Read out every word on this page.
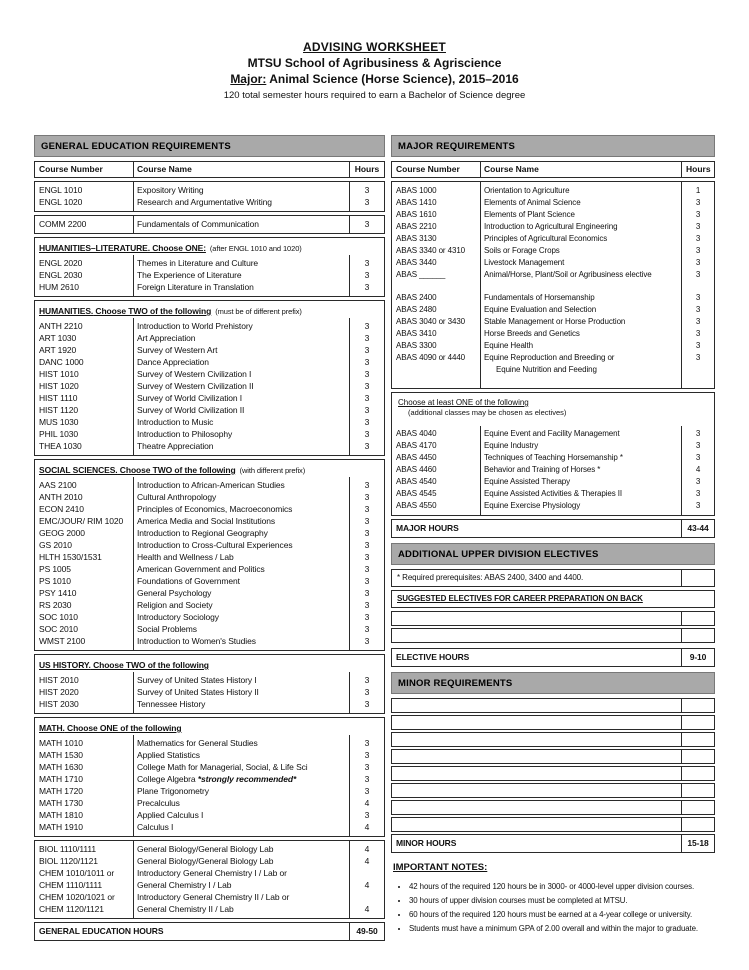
ADVISING WORKSHEET
MTSU School of Agribusiness & Agriscience
Major: Animal Science (Horse Science), 2015–2016
120 total semester hours required to earn a Bachelor of Science degree
GENERAL EDUCATION REQUIREMENTS
Course Number	Course Name	Hours
ENGL 1010	Expository Writing	3
ENGL 1020	Research and Argumentative Writing	3
COMM 2200	Fundamentals of Communication	3
HUMANITIES–LITERATURE. Choose ONE:  (after ENGL 1010 and 1020)
ENGL 2020	Themes in Literature and Culture	3
ENGL 2030	The Experience of Literature	3
HUM 2610	Foreign Literature in Translation	3
HUMANITIES. Choose TWO of the following  (must be of different prefix)
ANTH 2210	Introduction to World Prehistory	3
ART 1030	Art Appreciation	3
ART 1920	Survey of Western Art	3
DANC 1000	Dance Appreciation	3
HIST 1010	Survey of Western Civilization I	3
HIST 1020	Survey of Western Civilization II	3
HIST 1110	Survey of World Civilization I	3
HIST 1120	Survey of World Civilization II	3
MUS 1030	Introduction to Music	3
PHIL 1030	Introduction to Philosophy	3
THEA 1030	Theatre Appreciation	3
SOCIAL SCIENCES. Choose TWO of the following  (with different prefix)
AAS 2100	Introduction to African-American Studies	3
ANTH 2010	Cultural Anthropology	3
ECON 2410	Principles of Economics, Macroeconomics	3
EMC/JOUR/ RIM 1020	America Media and Social Institutions	3
GEOG 2000	Introduction to Regional Geography	3
GS 2010	Introduction to Cross-Cultural Experiences	3
HLTH 1530/1531	Health and Wellness / Lab	3
PS 1005	American Government and Politics	3
PS 1010	Foundations of Government	3
PSY 1410	General Psychology	3
RS 2030	Religion and Society	3
SOC 1010	Introductory Sociology	3
SOC 2010	Social Problems	3
WMST 2100	Introduction to Women's Studies	3
US HISTORY. Choose TWO of the following
HIST 2010	Survey of United States History I	3
HIST 2020	Survey of United States History II	3
HIST 2030	Tennessee History	3
MATH. Choose ONE of the following
MATH 1010	Mathematics for General Studies	3
MATH 1530	Applied Statistics	3
MATH 1630	College Math for Managerial, Social, & Life Sci	3
MATH 1710	College Algebra *strongly recommended*	3
MATH 1720	Plane Trigonometry	3
MATH 1730	Precalculus	4
MATH 1810	Applied Calculus I	3
MATH 1910	Calculus I	4
BIOL 1110/1111	General Biology/General Biology Lab	4
BIOL 1120/1121	General Biology/General Biology Lab	4
CHEM 1010/1011 or	Introductory General Chemistry I / Lab or
CHEM 1110/1111	General Chemistry I / Lab	4
CHEM 1020/1021 or	Introductory General Chemistry II / Lab or
CHEM 1120/1121	General Chemistry II / Lab	4
GENERAL EDUCATION HOURS	49-50
MAJOR REQUIREMENTS
Course Number	Course Name	Hours
ABAS 1000	Orientation to Agriculture	1
ABAS 1410	Elements of Animal Science	3
ABAS 1610	Elements of Plant Science	3
ABAS 2210	Introduction to Agricultural Engineering	3
ABAS 3130	Principles of Agricultural Economics	3
ABAS 3340 or 4310	Soils or Forage Crops	3
ABAS 3440	Livestock Management	3
ABAS ______	Animal/Horse, Plant/Soil or Agribusiness elective	3
ABAS 2400	Fundamentals of Horsemanship	3
ABAS 2480	Equine Evaluation and Selection	3
ABAS 3040 or 3430	Stable Management or Horse Production	3
ABAS 3410	Horse Breeds and Genetics	3
ABAS 3300	Equine Health	3
ABAS 4090 or 4440	Equine Reproduction and Breeding or	3
Equine Nutrition and Feeding
Choose at least ONE of the following
(additional classes may be chosen as electives)
ABAS 4040	Equine Event and Facility Management	3
ABAS 4170	Equine Industry	3
ABAS 4450	Techniques of Teaching Horsemanship *	3
ABAS 4460	Behavior and Training of Horses *	4
ABAS 4540	Equine Assisted Therapy	3
ABAS 4545	Equine Assisted Activities & Therapies II	3
ABAS 4550	Equine Exercise Physiology	3
MAJOR HOURS	43-44
ADDITIONAL UPPER DIVISION ELECTIVES
* Required prerequisites: ABAS 2400, 3400 and 4400.
SUGGESTED ELECTIVES FOR CAREER PREPARATION ON BACK
ELECTIVE HOURS	9-10
MINOR REQUIREMENTS
MINOR HOURS	15-18
IMPORTANT NOTES:
• 42 hours of the required 120 hours be in 3000- or 4000-level upper division courses.
• 30 hours of upper division courses must be completed at MTSU.
• 60 hours of the required 120 hours must be earned at a 4-year college or university.
• Students must have a minimum GPA of 2.00 overall and within the major to graduate.
